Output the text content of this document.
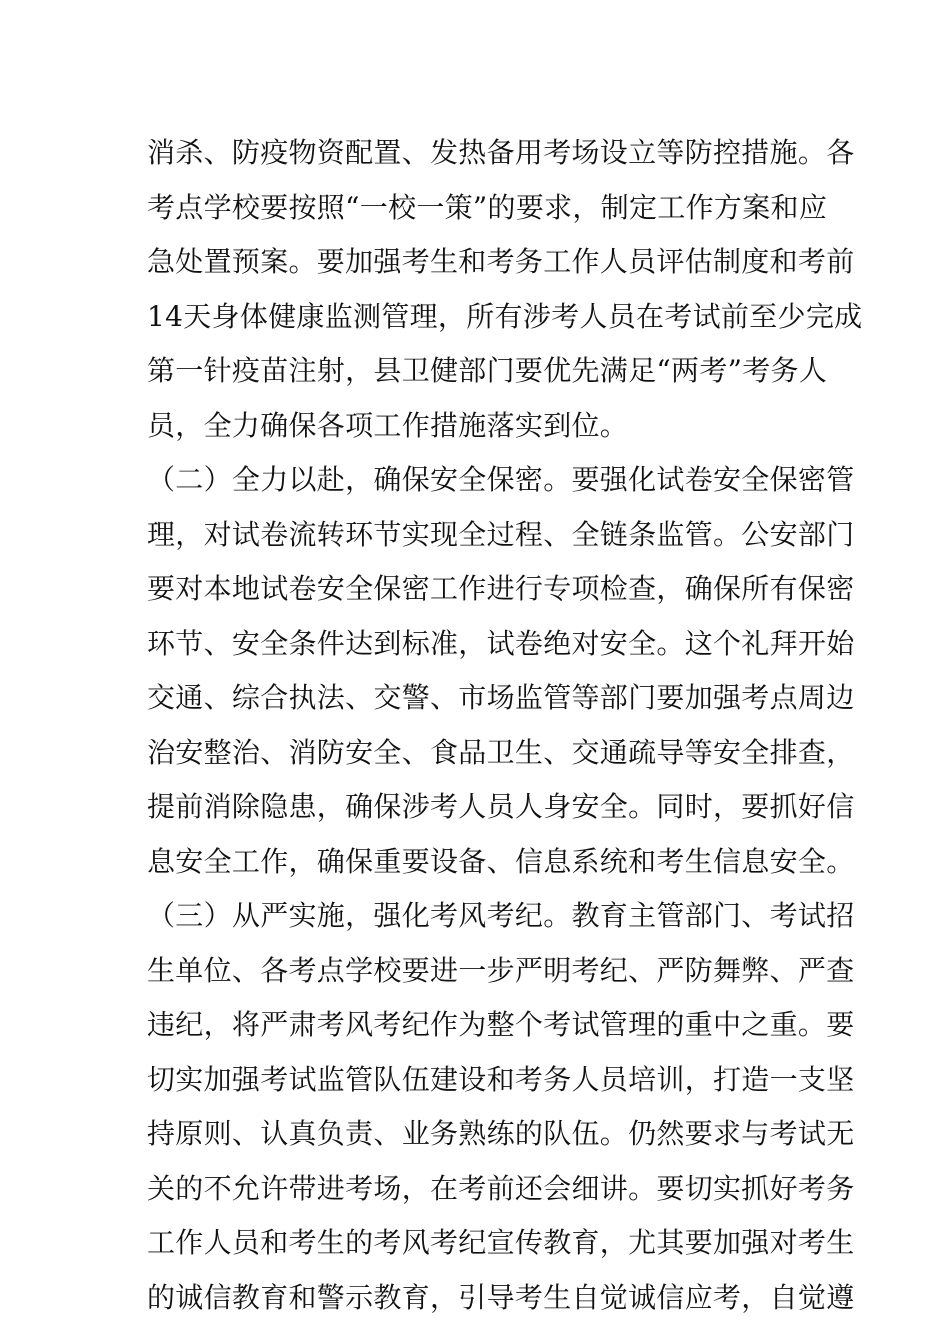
消杀、防疫物资配置、发热备用考场设立等防控措施。各
考点学校要按照“一校一策”的要求，制定工作方案和应
急处置预案。要加强考生和考务工作人员评估制度和考前
14天身体健康监测管理，所有涉考人员在考试前至少完成
第一针疫苗注射，县卫健部门要优先满足“两考”考务人
员，全力确保各项工作措施落实到位。
（二）全力以赴，确保安全保密。要强化试卷安全保密管
理，对试卷流转环节实现全过程、全链条监管。公安部门
要对本地试卷安全保密工作进行专项检查，确保所有保密
环节、安全条件达到标准，试卷绝对安全。这个礼拜开始
交通、综合执法、交警、市场监管等部门要加强考点周边
治安整治、消防安全、食品卫生、交通疏导等安全排查，
提前消除隐患，确保涉考人员人身安全。同时，要抓好信
息安全工作，确保重要设备、信息系统和考生信息安全。
（三）从严实施，强化考风考纪。教育主管部门、考试招
生单位、各考点学校要进一步严明考纪、严防舞弊、严查
违纪，将严肃考风考纪作为整个考试管理的重中之重。要
切实加强考试监管队伍建设和考务人员培训，打造一支坚
持原则、认真负责、业务熟练的队伍。仍然要求与考试无
关的不允许带进考场，在考前还会细讲。要切实抓好考务
工作人员和考生的考风考纪宣传教育，尤其要加强对考生
的诚信教育和警示教育，引导考生自觉诚信应考，自觉遵
